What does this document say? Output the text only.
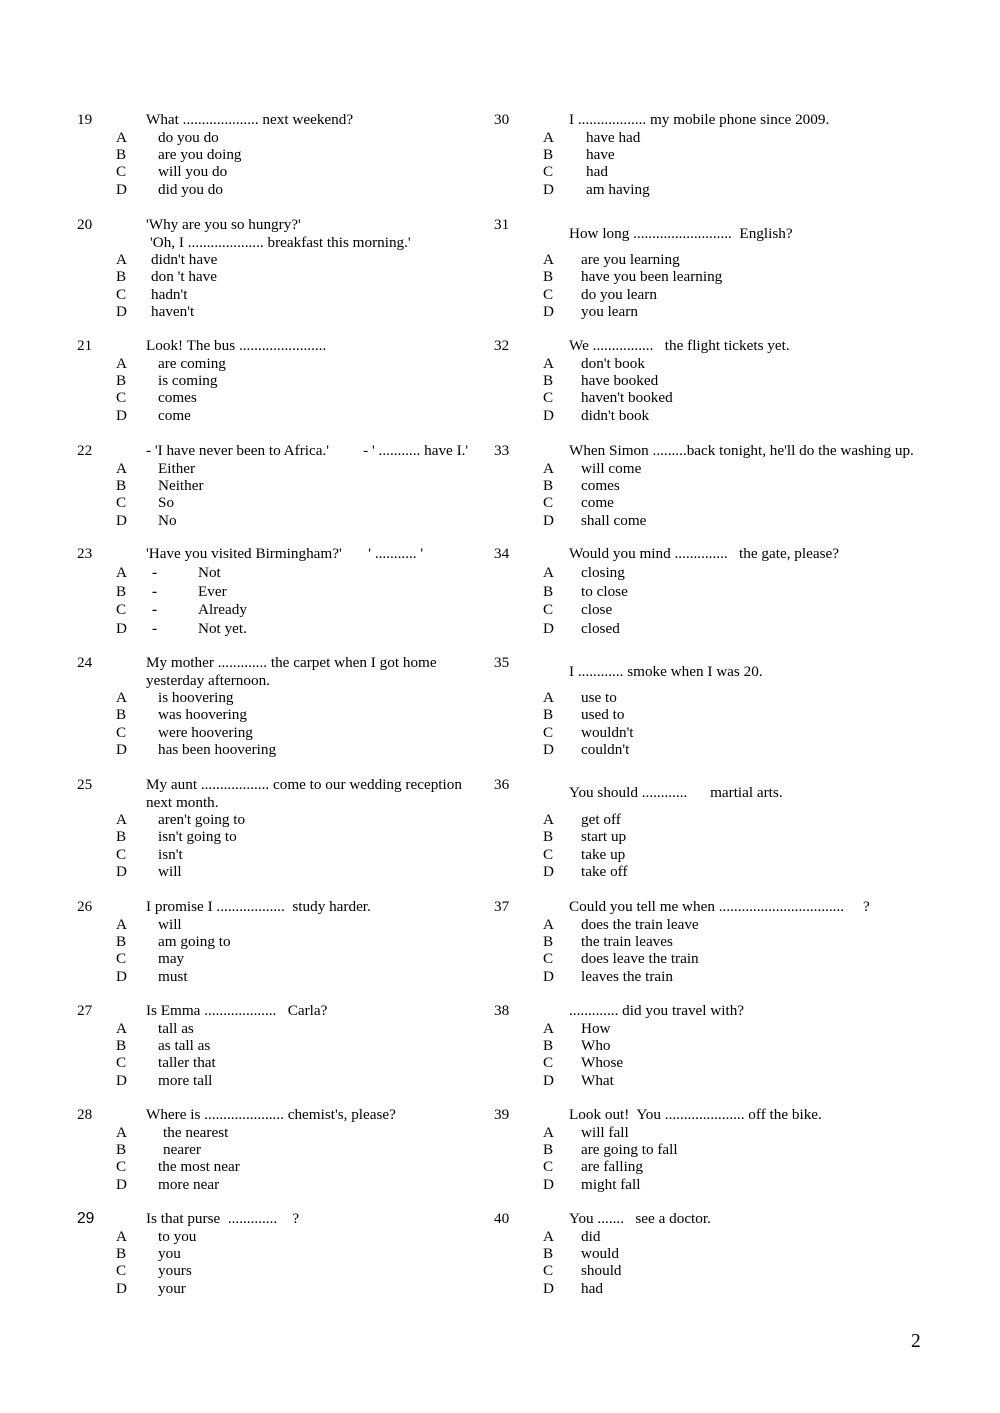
19	What .................... next weekend?
A do you do
B are you doing
C will you do
D did you do
20	'Why are you so hungry?'
'Oh, I .................... breakfast this morning.'
A didn't have
B don 't have
C hadn't
D haven't
21	Look! The bus .......................
A are coming
B is coming
C comes
D come
22	- 'I have never been to Africa.'         - ' ........... have I.'
A Either
B Neither
C So
D No
23	'Have you visited Birmingham?'       ' ........... '
A -	Not
B -	Ever
C -	Already
D -	Not yet.
24	My mother ............. the carpet when I got home
yesterday afternoon.
A is hoovering
B was hoovering
C were hoovering
D has been hoovering
25	My aunt .................. come to our wedding reception
next month.
A aren't going to
B isn't going to
C isn't
D will
26	I promise I ..................  study harder.
A will
B am going to
C may
D must
27	Is Emma ...................   Carla?
A tall as
B as tall as
C taller that
D more tall
28	Where is ..................... chemist's, please?
A the nearest
B nearer
C the most near
D more near
29	Is that purse  .............    ?
A to you
B you
C yours
D your
30	I .................. my mobile phone since 2009.
A have had
B have
C had
D am having
31
How long ..........................  English?
A are you learning
B have you been learning
C do you learn
D you learn
32	We ................   the flight tickets yet.
A don't book
B have booked
C haven't booked
D didn't book
33	When Simon .........back tonight, he'll do the washing up.
A will come
B comes
C come
D shall come
34	Would you mind ..............   the gate, please?
A closing
B to close
C close
D closed
35
I ............ smoke when I was 20.
A use to
B used to
C wouldn't
D couldn't
36	You should ............      martial arts.
A get off
B start up
C take up
D take off
37	Could you tell me when .................................     ?
A does the train leave
B the train leaves
C does leave the train
D leaves the train
38	............. did you travel with?
A How
B Who
C Whose
D What
39	Look out!  You ..................... off the bike.
A will fall
B are going to fall
C are falling
D might fall
40	You .......   see a doctor.
A did
B would
C should
D had
2
